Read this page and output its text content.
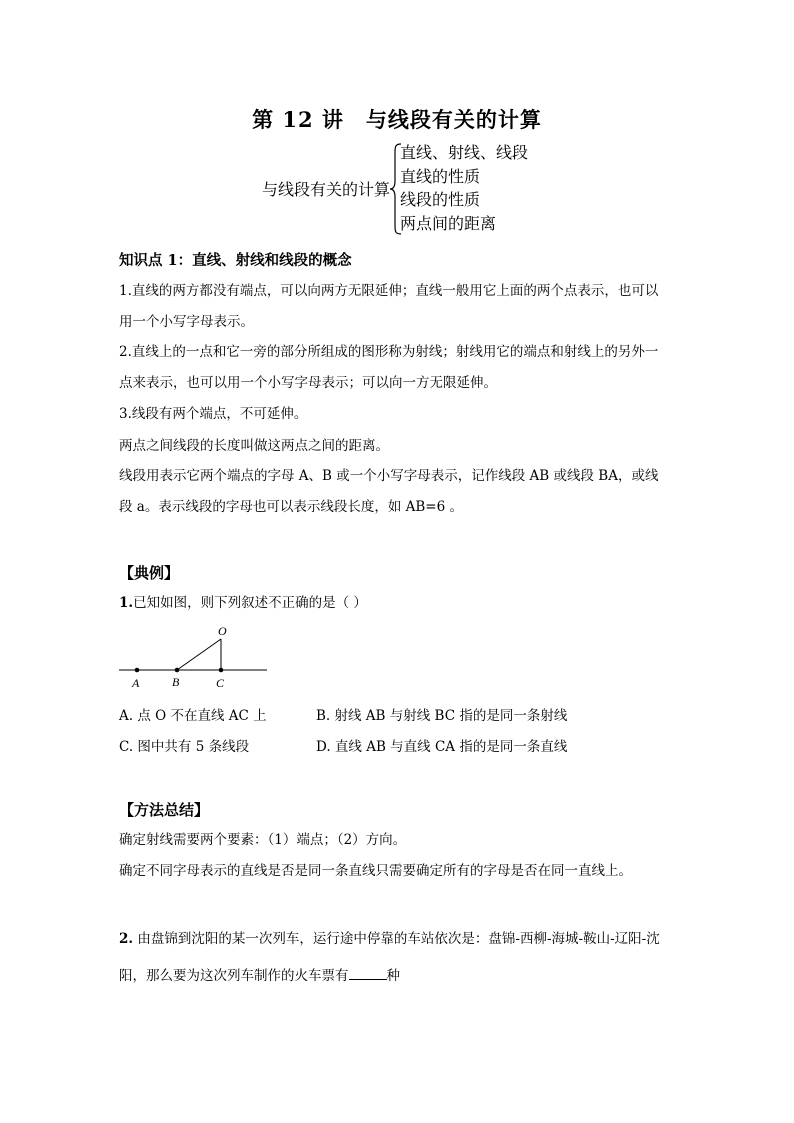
第 12 讲 与线段有关的计算
与线段有关的计算
直线、射线、线段
直线的性质
线段的性质
两点间的距离
知识点 1：直线、射线和线段的概念
1.直线的两方都没有端点，可以向两方无限延伸；直线一般用它上面的两个点表示，也可以
用一个小写字母表示。
2.直线上的一点和它一旁的部分所组成的图形称为射线；射线用它的端点和射线上的另外一
点来表示，也可以用一个小写字母表示；可以向一方无限延伸。
3.线段有两个端点，不可延伸。
两点之间线段的长度叫做这两点之间的距离。
线段用表示它两个端点的字母 A、B 或一个小写字母表示，记作线段 AB 或线段 BA，或线
段 a。表示线段的字母也可以表示线段长度，如 AB=6 。
【典例】
1.已知如图，则下列叙述不正确的是（ ）
O
A	B	C
A. 点 O 不在直线 AC 上	B. 射线 AB 与射线 BC 指的是同一条射线
C. 图中共有 5 条线段	D. 直线 AB 与直线 CA 指的是同一条直线
【方法总结】
确定射线需要两个要素：（1）端点；（2）方向。
确定不同字母表示的直线是否是同一条直线只需要确定所有的字母是否在同一直线上。
2. 由盘锦到沈阳的某一次列车，运行途中停靠的车站依次是：盘锦-西柳-海城-鞍山-辽阳-沈
阳，那么要为这次列车制作的火车票有	种
